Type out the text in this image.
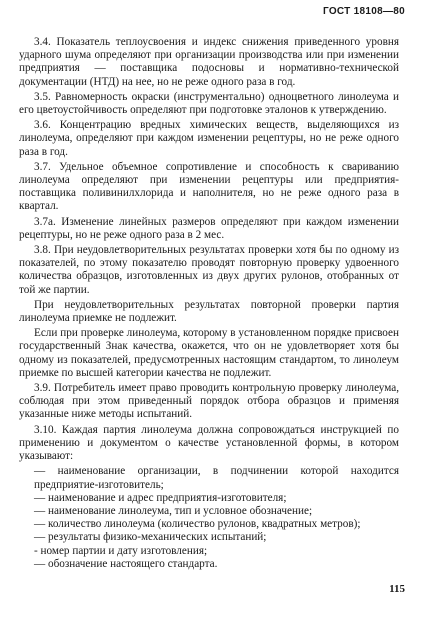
ГОСТ 18108—80

3.4. Показатель теплоусвоения и индекс снижения приведенного уровня ударного шума определяют при организации производства или при изменении предприятия — поставщика подосновы и нормативно-технической документации (НТД) на нее, но не реже одного раза в год.

3.5. Равномерность окраски (инструментально) одноцветного линолеума и его цветоустойчивость определяют при подготовке эталонов к утверждению.

3.6. Концентрацию вредных химических веществ, выделяющихся из линолеума, определяют при каждом изменении рецептуры, но не реже одного раза в год.

3.7. Удельное объемное сопротивление и способность к свариванию линолеума определяют при изменении рецептуры или предприятия-поставщика поливинилхлорида и наполнителя, но не реже одного раза в квартал.

3.7а. Изменение линейных размеров определяют при каждом изменении рецептуры, но не реже одного раза в 2 мес.

3.8. При неудовлетворительных результатах проверки хотя бы по одному из показателей, по этому показателю проводят повторную проверку удвоенного количества образцов, изготовленных из двух других рулонов, отобранных от той же партии.

При неудовлетворительных результатах повторной проверки партия линолеума приемке не подлежит.

Если при проверке линолеума, которому в установленном порядке присвоен государственный Знак качества, окажется, что он не удовлетворяет хотя бы одному из показателей, предусмотренных настоящим стандартом, то линолеум приемке по высшей категории качества не подлежит.

3.9. Потребитель имеет право проводить контрольную проверку линолеума, соблюдая при этом приведенный порядок отбора образцов и применяя указанные ниже методы испытаний.

3.10. Каждая партия линолеума должна сопровождаться инструкцией по применению и документом о качестве установленной формы, в котором указывают:

— наименование организации, в подчинении которой находится предприятие-изготовитель;

— наименование и адрес предприятия-изготовителя;

— наименование линолеума, тип и условное обозначение;

— количество линолеума (количество рулонов, квадратных метров);

— результаты физико-механических испытаний;

- номер партии и дату изготовления;

— обозначение настоящего стандарта.

115
